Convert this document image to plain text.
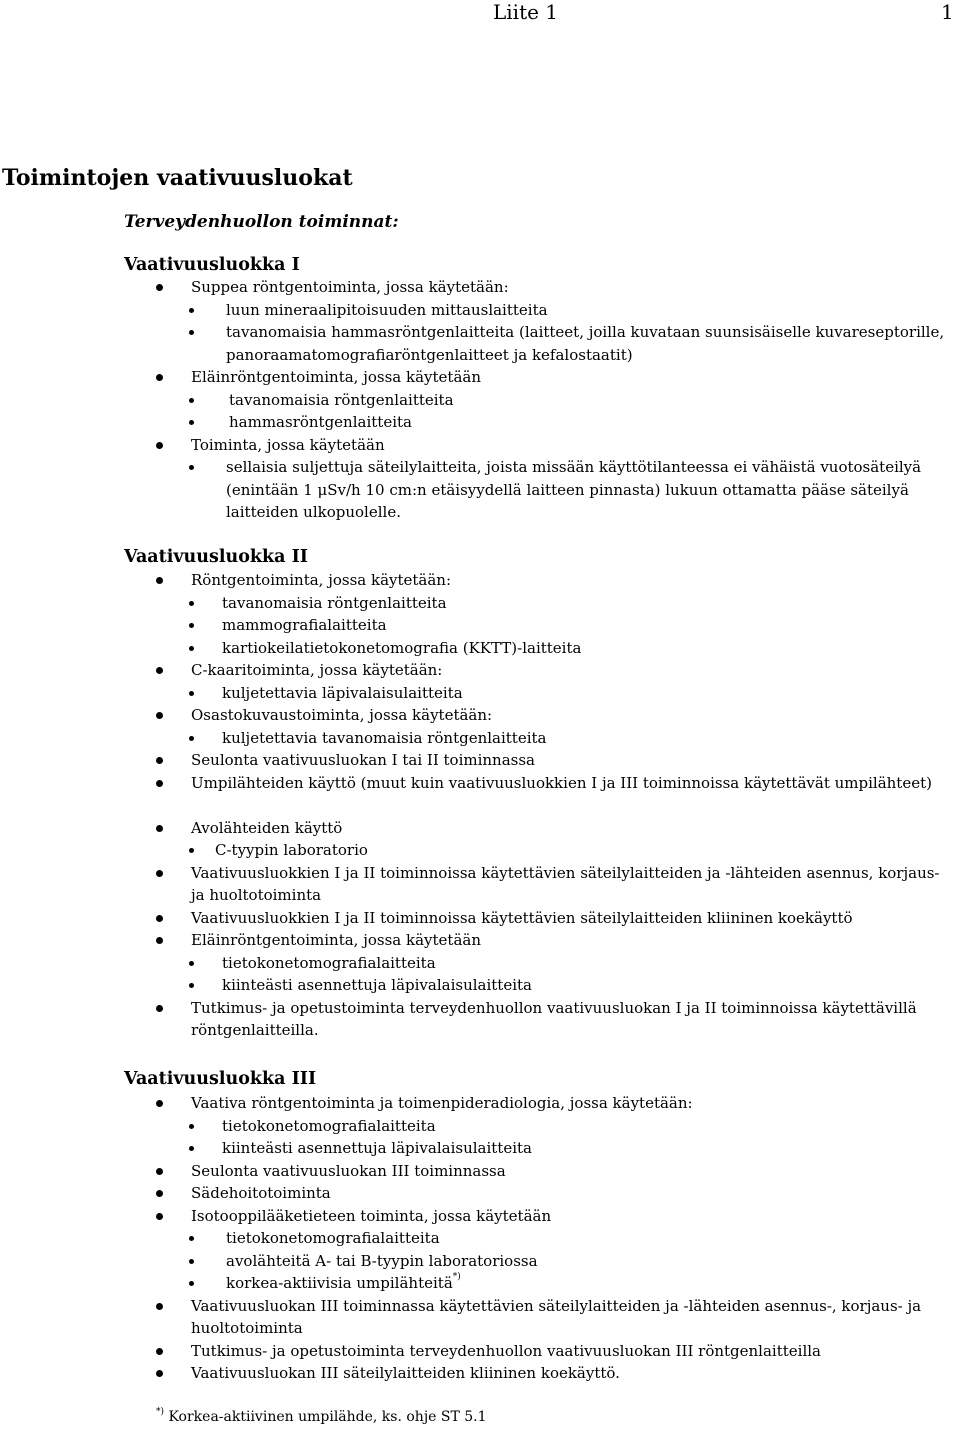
Liite 1	1
Toimintojen vaativuusluokat
Terveydenhuollon toiminnat:
Vaativuusluokka I
Suppea röntgentoiminta, jossa käytetään:
luun mineraalipitoisuuden mittauslaitteita
tavanomaisia hammasröntgenlaitteita (laitteet, joilla kuvataan suunsisäiselle kuvareseptorille, panoraamatomografiaröntgenlaitteet ja kefalostaatit)
Eläinröntgentoiminta, jossa käytetään
tavanomaisia röntgenlaitteita
hammasröntgenlaitteita
Toiminta, jossa käytetään
sellaisia suljettuja säteilylaitteita, joista missään käyttötilanteessa ei vähäistä vuotosäteilyä (enintään 1 μSv/h 10 cm:n etäisyydellä laitteen pinnasta) lukuun ottamatta pääse säteilyä laitteiden ulkopuolelle.
Vaativuusluokka II
Röntgentoiminta, jossa käytetään:
tavanomaisia röntgenlaitteita
mammografialaitteita
kartiokeilatietokonetomografia (KKTT)-laitteita
C-kaaritoiminta, jossa käytetään:
kuljetettavia läpivalaisulaitteita
Osastokuvaustoiminta, jossa käytetään:
kuljetettavia tavanomaisia röntgenlaitteita
Seulonta vaativuusluokan I tai II toiminnassa
Umpilähteiden käyttö (muut kuin vaativuusluokkien I ja III toiminnoissa käytettävät umpilähteet)
Avolähteiden käyttö
C-tyypin laboratorio
Vaativuusluokkien I ja II toiminnoissa käytettävien säteilylaitteiden ja -lähteiden asennus, korjaus- ja huoltotoiminta
Vaativuusluokkien I ja II toiminnoissa käytettävien säteilylaitteiden kliininen koekäyttö
Eläinröntgentoiminta, jossa käytetään
tietokonetomografialaitteita
kiinteästi asennettuja läpivalaisulaitteita
Tutkimus- ja opetustoiminta terveydenhuollon vaativuusluokan I ja II toiminnoissa käytettävillä röntgenlaitteilla.
Vaativuusluokka III
Vaativa röntgentoiminta ja toimenpideradiologia, jossa käytetään:
tietokonetomografialaitteita
kiinteästi asennettuja läpivalaisulaitteita
Seulonta vaativuusluokan III toiminnassa
Sädehoitotoiminta
Isotooppilääketieteen toiminta, jossa käytetään
tietokonetomografialaitteita
avolähteitä A- tai B-tyypin laboratoriossa
korkea-aktiivisia umpilähteitä*)
Vaativuusluokan III toiminnassa käytettävien säteilylaitteiden ja -lähteiden asennus-, korjaus- ja huoltotoiminta
Tutkimus- ja opetustoiminta terveydenhuollon vaativuusluokan III röntgenlaitteilla
Vaativuusluokan III säteilylaitteiden kliininen koekäyttö.
*) Korkea-aktiivinen umpilähde, ks. ohje ST 5.1
